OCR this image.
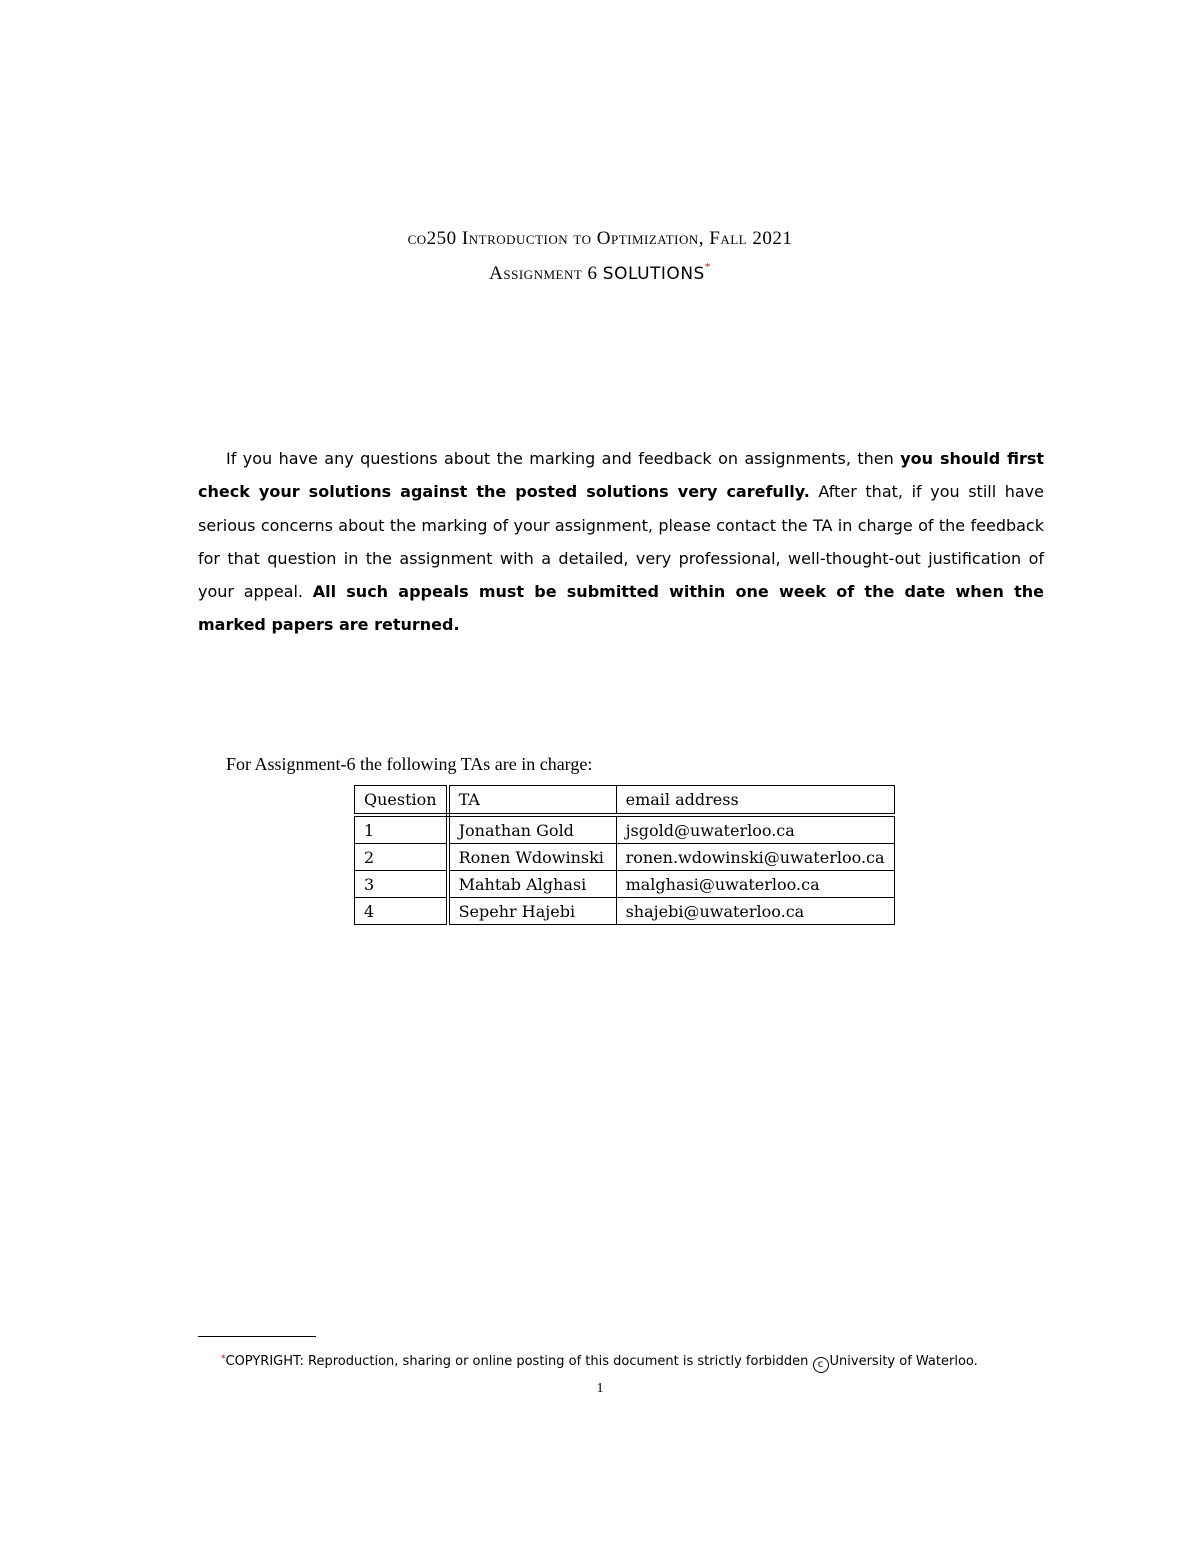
co250 Introduction to Optimization, Fall 2021
Assignment 6 SOLUTIONS*

If you have any questions about the marking and feedback on assignments, then you should first check your solutions against the posted solutions very carefully. After that, if you still have serious concerns about the marking of your assignment, please contact the TA in charge of the feedback for that question in the assignment with a detailed, very professional, well-thought-out justification of your appeal. All such appeals must be submitted within one week of the date when the marked papers are returned.

For Assignment-6 the following TAs are in charge:

Question	TA	email address
1	Jonathan Gold	jsgold@uwaterloo.ca
2	Ronen Wdowinski	ronen.wdowinski@uwaterloo.ca
3	Mahtab Alghasi	malghasi@uwaterloo.ca
4	Sepehr Hajebi	shajebi@uwaterloo.ca

*COPYRIGHT: Reproduction, sharing or online posting of this document is strictly forbidden c University of Waterloo.

1
